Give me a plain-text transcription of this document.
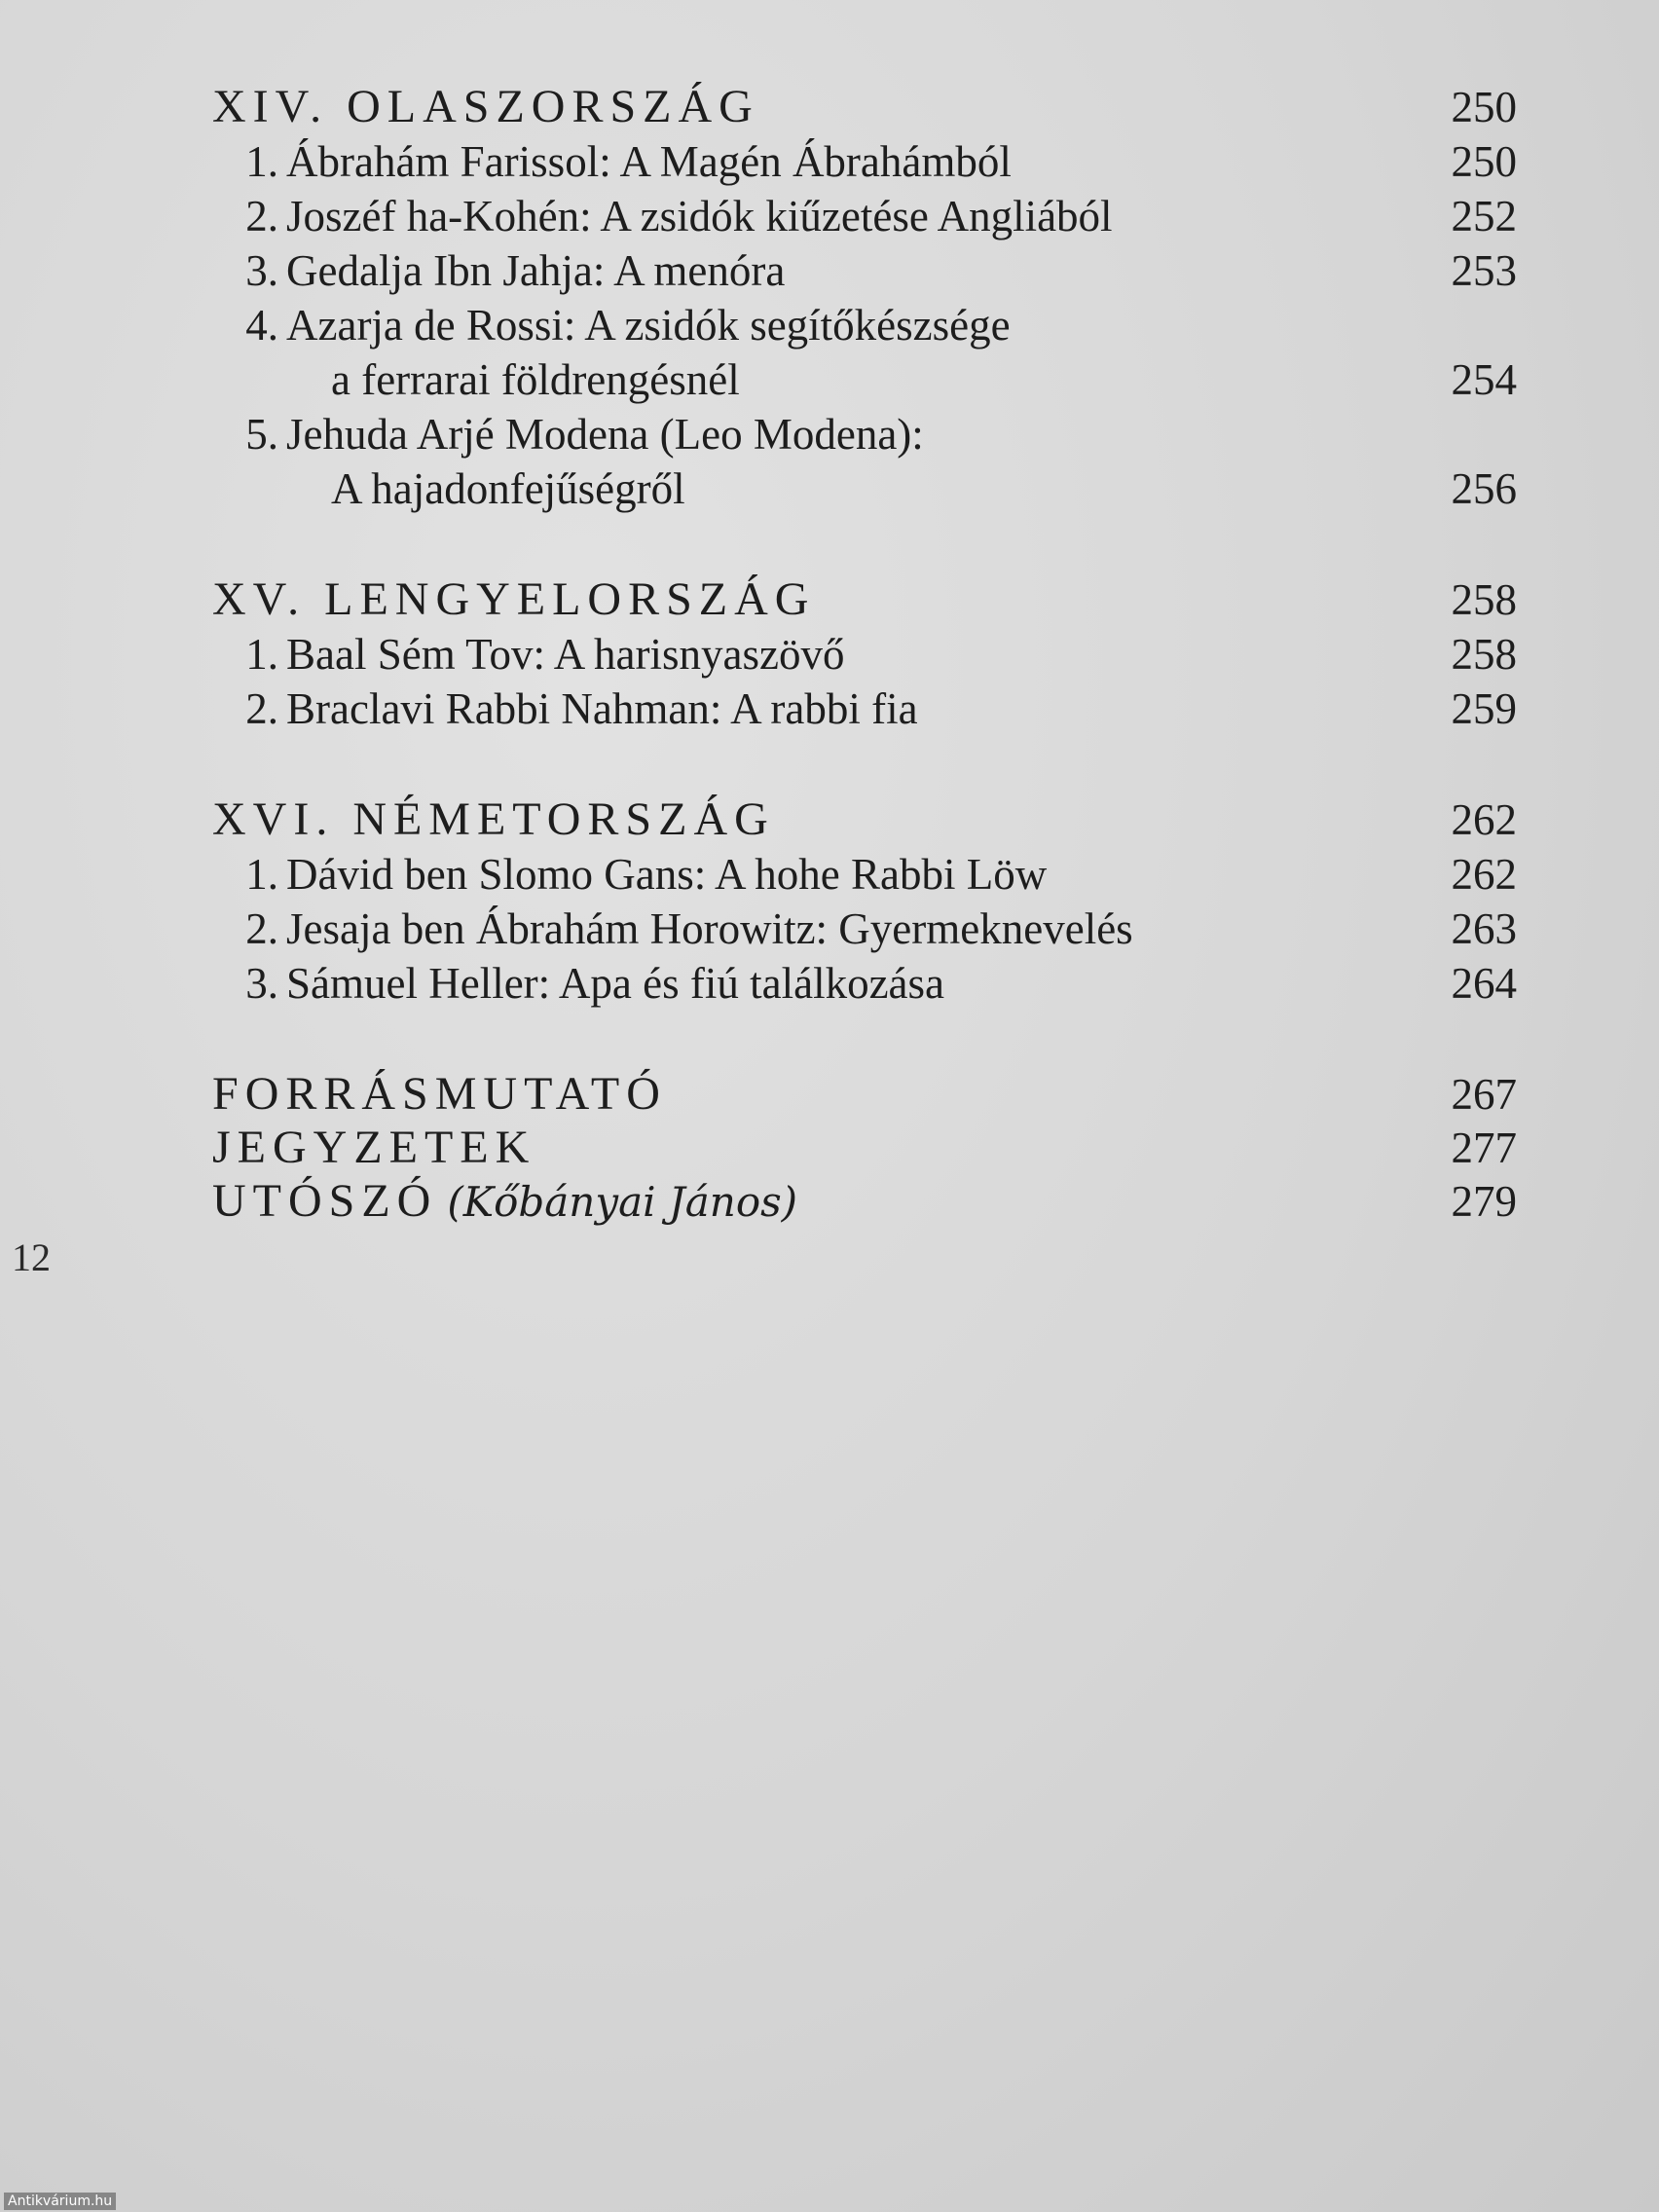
XIV. OLASZORSZÁG	250
1. Ábrahám Farissol: A Magén Ábrahámból	250
2. Joszéf ha-Kohén: A zsidók kiűzetése Angliából	252
3. Gedalja Ibn Jahja: A menóra	253
4. Azarja de Rossi: A zsidók segítőkészsége
a ferrarai földrengésnél	254
5. Jehuda Arjé Modena (Leo Modena):
A hajadonfejűségről	256
XV. LENGYELORSZÁG	258
1. Baal Sém Tov: A harisnyaszövő	258
2. Braclavi Rabbi Nahman: A rabbi fia	259
XVI. NÉMETORSZÁG	262
1. Dávid ben Slomo Gans: A hohe Rabbi Löw	262
2. Jesaja ben Ábrahám Horowitz: Gyermeknevelés	263
3. Sámuel Heller: Apa és fiú találkozása	264
FORRÁSMUTATÓ	267
JEGYZETEK	277
UTÓSZÓ (Kőbányai János)	279
12
Antikvárium.hu
